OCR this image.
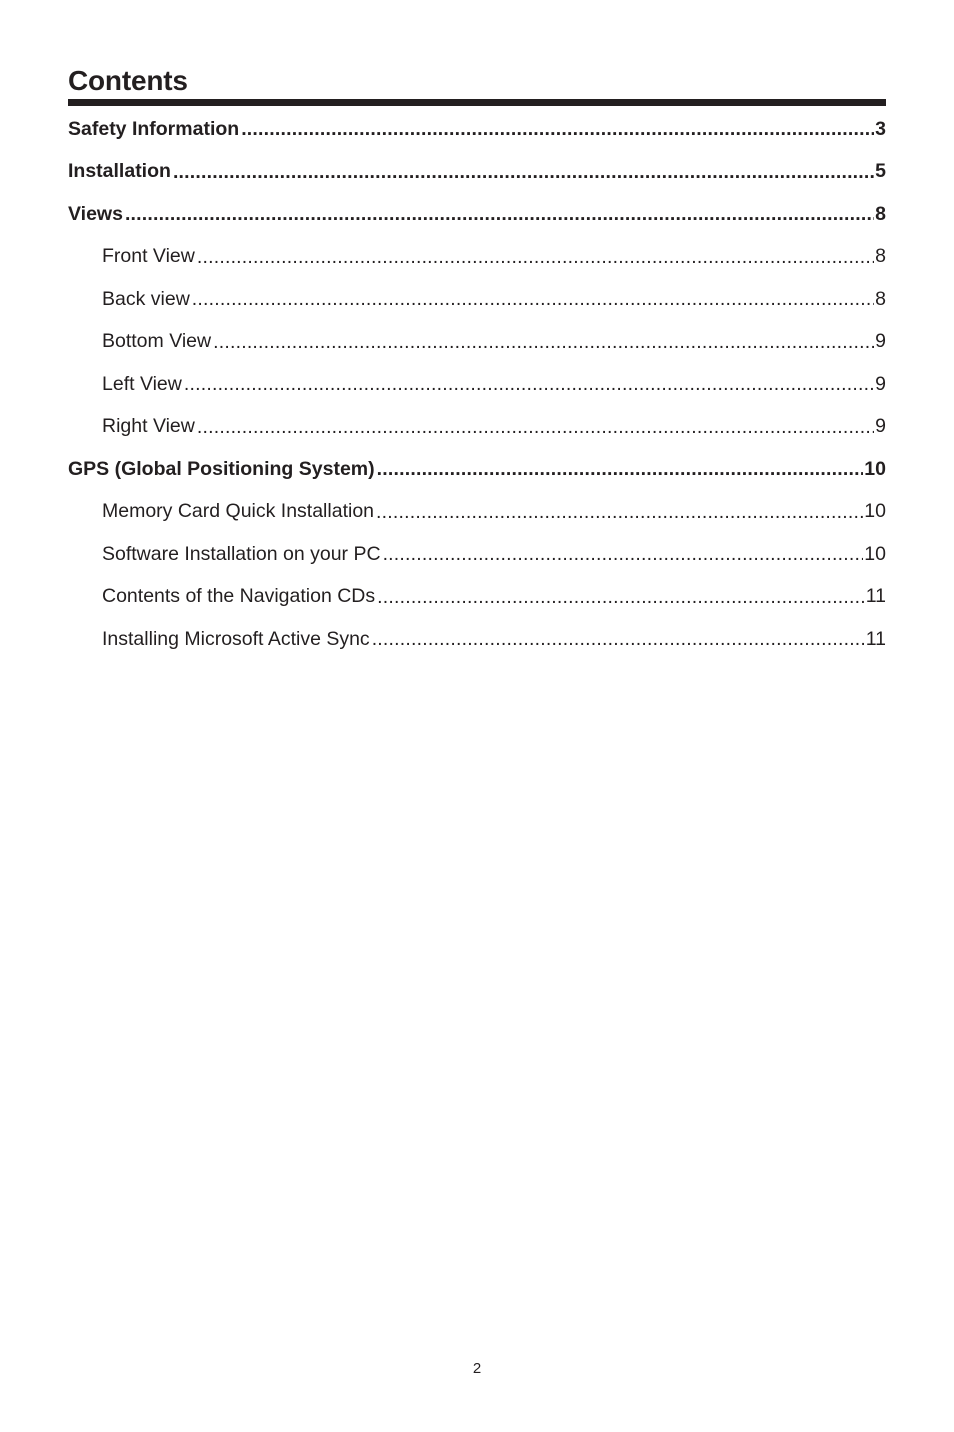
Contents
Safety Information .....	3
Installation .....	5
Views .....	8
Front View .....	8
Back view .....	8
Bottom View .....	9
Left View .....	9
Right View .....	9
GPS (Global Positioning System) .....	10
Memory Card Quick Installation .....	10
Software Installation on your PC .....	10
Contents of the Navigation CDs .....	11
Installing Microsoft Active Sync .....	11
2
